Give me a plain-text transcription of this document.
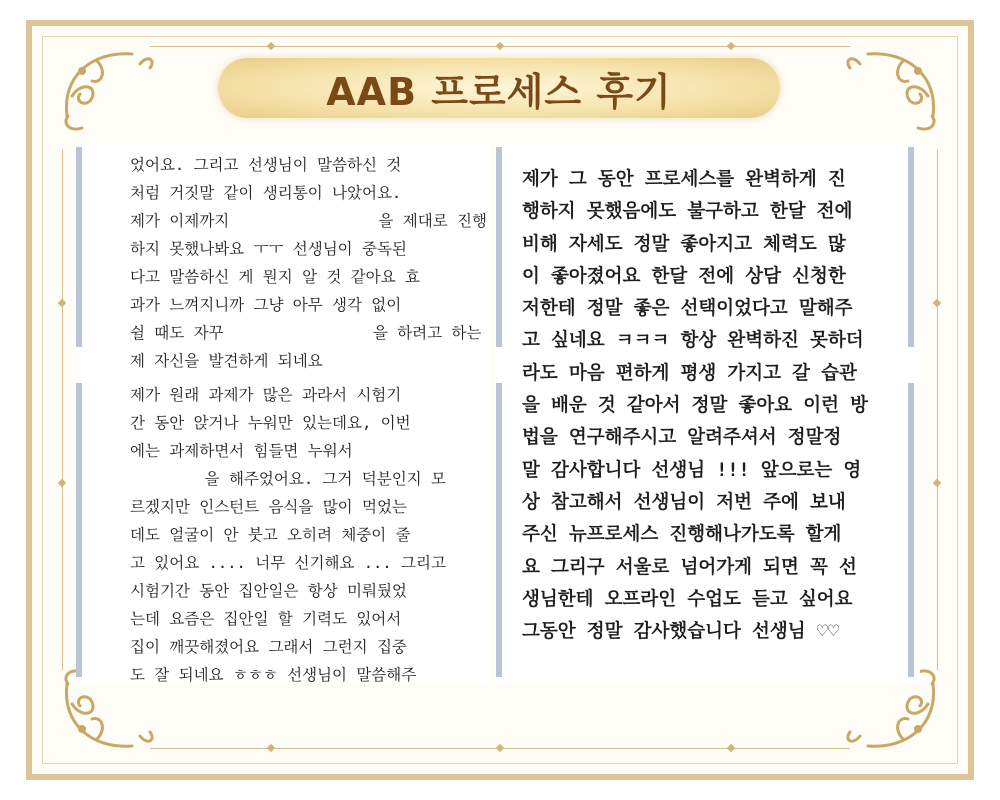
AAB 프로세스 후기
었어요. 그리고 선생님이 말씀하신 것
처럼 거짓말 같이 생리통이 나았어요.
제가 이제까지                을 제대로 진행
하지 못했나봐요 ㅜㅜ 선생님이 중독된
다고 말씀하신 게 뭔지 알 것 같아요 효
과가 느껴지니까 그냥 아무 생각 없이
쉴 때도 자꾸                을 하려고 하는
제 자신을 발견하게 되네요
제가 원래 과제가 많은 과라서 시험기
간 동안 앉거나 누워만 있는데요, 이번
에는 과제하면서 힘들면 누워서
을 해주었어요. 그거 덕분인지 모
르겠지만 인스턴트 음식을 많이 먹었는
데도 얼굴이 안 붓고 오히려 체중이 줄
고 있어요 .... 너무 신기해요 ... 그리고
시험기간 동안 집안일은 항상 미뤄뒀었
는데 요즘은 집안일 할 기력도 있어서
집이 깨끗해졌어요 그래서 그런지 집중
도 잘 되네요 ㅎㅎㅎ 선생님이 말씀해주
제가 그 동안 프로세스를 완벽하게 진
행하지 못했음에도 불구하고 한달 전에
비해 자세도 정말 좋아지고 체력도 많
이 좋아졌어요 한달 전에 상담 신청한
저한테 정말 좋은 선택이었다고 말해주
고 싶네요 ㅋㅋㅋ 항상 완벽하진 못하더
라도 마음 편하게 평생 가지고 갈 습관
을 배운 것 같아서 정말 좋아요 이런 방
법을 연구해주시고 알려주셔서 정말정
말 감사합니다 선생님 !!! 앞으로는 영
상 참고해서 선생님이 저번 주에 보내
주신 뉴프로세스 진행해나가도록 할게
요 그리구 서울로 넘어가게 되면 꼭 선
생님한테 오프라인 수업도 듣고 싶어요
그동안 정말 감사했습니다 선생님 ♡♡
